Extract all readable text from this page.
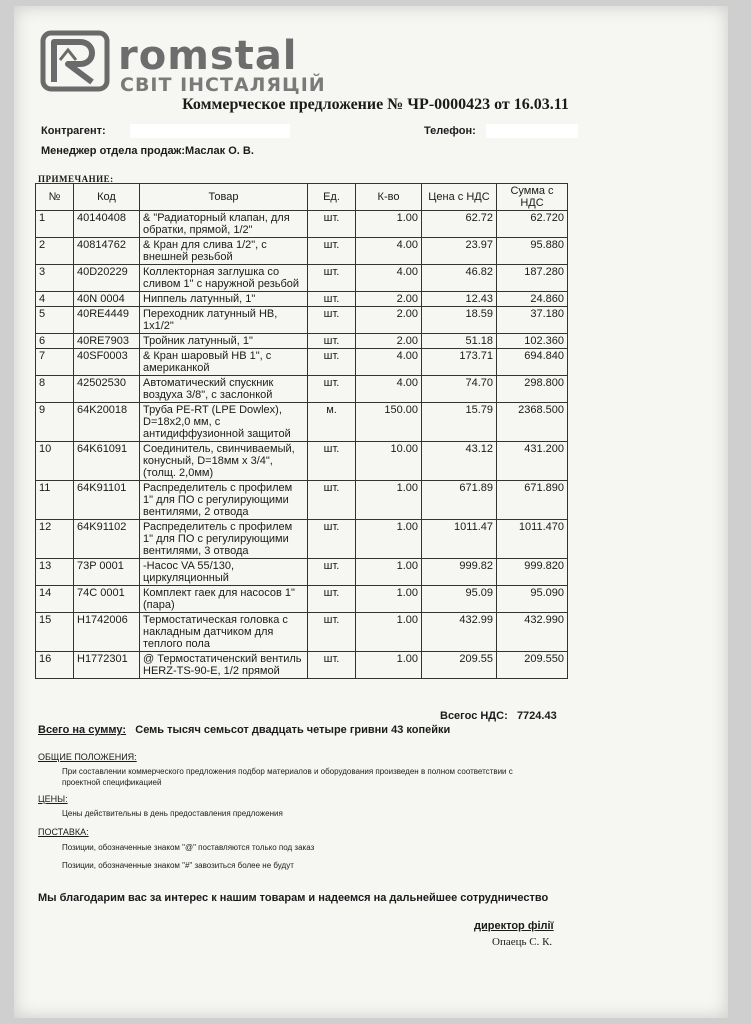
romstal
СВІТ ІНСТАЛЯЦІЙ
Коммерческое предложение № ЧР-0000423 от 16.03.11
Контрагент:	Телефон:
Менеджер отдела продаж:Маслак О. В.
ПРИМЕЧАНИЕ:
№	Код	Товар	Ед.	К-во	Цена с НДС	Сумма с НДС
1	40140408	& "Радиаторный клапан, для обратки, прямой, 1/2"	шт.	1.00	62.72	62.720
2	40814762	& Кран для слива 1/2", с внешней резьбой	шт.	4.00	23.97	95.880
3	40D20229	Коллекторная заглушка со сливом 1" с наружной резьбой	шт.	4.00	46.82	187.280
4	40N 0004	Ниппель латунный, 1"	шт.	2.00	12.43	24.860
5	40RE4449	Переходник латунный НВ, 1x1/2"	шт.	2.00	18.59	37.180
6	40RE7903	Тройник латунный, 1"	шт.	2.00	51.18	102.360
7	40SF0003	& Кран шаровый НВ 1", с американкой	шт.	4.00	173.71	694.840
8	42502530	Автоматический спускник воздуха 3/8", с заслонкой	шт.	4.00	74.70	298.800
9	64K20018	Труба PE-RT (LPE Dowlex), D=18x2,0 мм, с антидиффузионной защитой	м.	150.00	15.79	2368.500
10	64K61091	Соединитель, свинчиваемый, конусный, D=18мм x 3/4", (толщ. 2,0мм)	шт.	10.00	43.12	431.200
11	64K91101	Распределитель с профилем 1" для ПО с регулирующими вентилями, 2 отвода	шт.	1.00	671.89	671.890
12	64K91102	Распределитель с профилем 1" для ПО с регулирующими вентилями, 3 отвода	шт.	1.00	1011.47	1011.470
13	73P 0001	-Насос VA 55/130, циркуляционный	шт.	1.00	999.82	999.820
14	74C 0001	Комплект гаек для насосов 1" (пара)	шт.	1.00	95.09	95.090
15	H1742006	Термостатическая головка с накладным датчиком для теплого пола	шт.	1.00	432.99	432.990
16	H1772301	@ Термостатиченский вентиль HERZ-TS-90-E, 1/2 прямой	шт.	1.00	209.55	209.550
Всегос НДС: 7724.43
Всего на сумму: Семь тысяч семьсот двадцать четыре гривни 43 копейки
ОБЩИЕ ПОЛОЖЕНИЯ:
При составлении коммерческого предложения подбор материалов и оборудования произведен в полном соответствии с проектной спецификацией
ЦЕНЫ:
Цены действительны в день предоставления предложения
ПОСТАВКА:
Позиции, обозначенные знаком "@" поставляются только под заказ
Позиции, обозначенные знаком "#" завозиться более не будут
Мы благодарим вас за интерес к нашим товарам и надеемся на дальнейшее сотрудничество
директор філії
Опаець С. К.
